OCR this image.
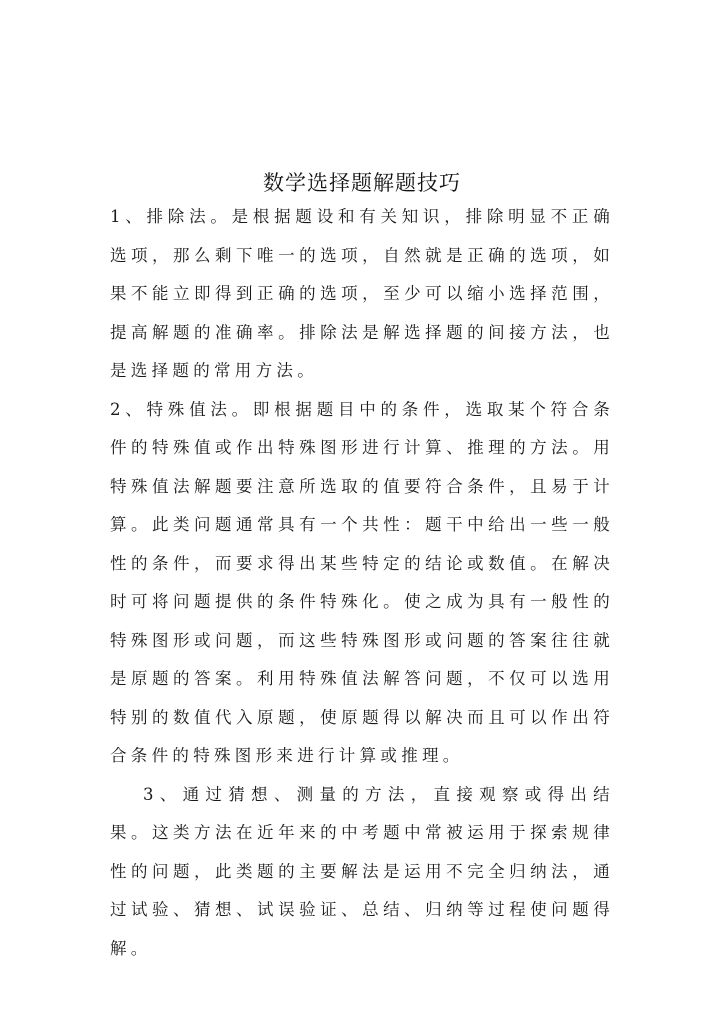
数学选择题解题技巧

1、排除法。是根据题设和有关知识，排除明显不正确选项，那么剩下唯一的选项，自然就是正确的选项，如果不能立即得到正确的选项，至少可以缩小选择范围，提高解题的准确率。排除法是解选择题的间接方法，也是选择题的常用方法。

2、特殊值法。即根据题目中的条件，选取某个符合条件的特殊值或作出特殊图形进行计算、推理的方法。用特殊值法解题要注意所选取的值要符合条件，且易于计算。此类问题通常具有一个共性：题干中给出一些一般性的条件，而要求得出某些特定的结论或数值。在解决时可将问题提供的条件特殊化。使之成为具有一般性的特殊图形或问题，而这些特殊图形或问题的答案往往就是原题的答案。利用特殊值法解答问题，不仅可以选用特别的数值代入原题，使原题得以解决而且可以作出符合条件的特殊图形来进行计算或推理。

3、通过猜想、测量的方法，直接观察或得出结果。这类方法在近年来的中考题中常被运用于探索规律性的问题，此类题的主要解法是运用不完全归纳法，通过试验、猜想、试误验证、总结、归纳等过程使问题得解。
